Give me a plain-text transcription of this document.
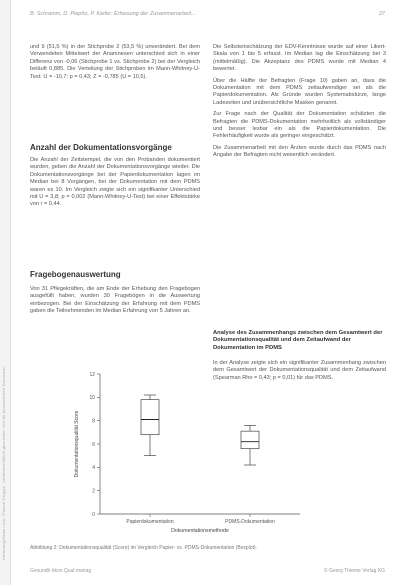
Heruntergeladen von: Thieme Gruppe. Urheberrechtlich geschützt. Nur für persönlichen Gebrauch.
B. Schramm, D. Piepho, P. Kiefer: Erfassung der Zusammenarbeit...	27

und 9 (51,5 %) in der Stichprobe 2 (53,5 %) unverändert. Bei dem Verwendeten Mittelwert der Anamnesen unterschied sich in einer Differenz von -0,06 (Stichprobe 1 vs. Stichprobe 2) bei der Vergleich beläuft 0,885. Die Verteilung der Stichproben im Mann-Whitney-U-Test: U = -10,7; p = 0,43; Z = -0,785 (U = 10,5).

Anzahl der Dokumentationsvorgänge

Die Anzahl der Zeitstempel, die von den Probanden dokumentiert wurden, geben die Anzahl der Dokumentationsvorgänge wieder. Die Dokumentationsvorgänge bei der Papierdokumentation lagen im Median bei 8 Vorgängen, bei der Dokumentation mit dem PDMS waren es 10. Im Vergleich zeigte sich ein signifikanter Unterschied mit U = 3,8; p = 0,002 (Mann-Whitney-U-Test) bei einer Effektstärke von r = 0,44.

Fragebogenauswertung

Von 31 Pflegekräften, die am Ende der Erhebung den Fragebogen ausgefüllt haben, wurden 30 Fragebögen in die Auswertung einbezogen. Bei der Einschätzung der Erfahrung mit dem PDMS gaben die Teilnehmenden im Median Erfahrung von 5 Jahren an.

Die Selbsteinschätzung der EDV-Kenntnisse wurde auf einer Likert-Skala von 1 bis 5 erfasst. Im Median lag die Einschätzung bei 3 (mittelmäßig). Die Akzeptanz des PDMS wurde mit Median 4 bewertet.

Über die Hälfte der Befragten (Frage 10) gaben an, dass die Dokumentation mit dem PDMS zeitaufwendiger sei als die Papierdokumentation. Als Gründe wurden Systemabstürze, lange Ladezeiten und unübersichtliche Masken genannt.

Zur Frage nach der Qualität der Dokumentation schätzten die Befragten die PDMS-Dokumentation mehrheitlich als vollständiger und besser lesbar ein als die Papierdokumentation. Die Fehlerhäufigkeit wurde als geringer eingeschätzt.

Die Zusammenarbeit mit den Ärzten wurde durch das PDMS nach Angabe der Befragten nicht wesentlich verändert.

Analyse des Zusammenhangs zwischen dem Gesamtwert der Dokumentationsqualität und dem Zeitaufwand der Dokumentation im PDMS

In der Analyse zeigte sich ein signifikanter Zusammenhang zwischen dem Gesamtwert der Dokumentationsqualität und dem Zeitaufwand (Spearman Rho = 0,43; p = 0,01) für das PDMS.

0
2
4
6
8
10
12
Dokumentationsqualität Score
Papierdokumentation	PDMS-Dokumentation
Dokumentationsmethode
Abbildung 2: Dokumentationsqualität (Score) im Vergleich Papier- vs. PDMS-Dokumentation (Boxplot).
Gesundh ökon Qual manag	© Georg Thieme Verlag KG
